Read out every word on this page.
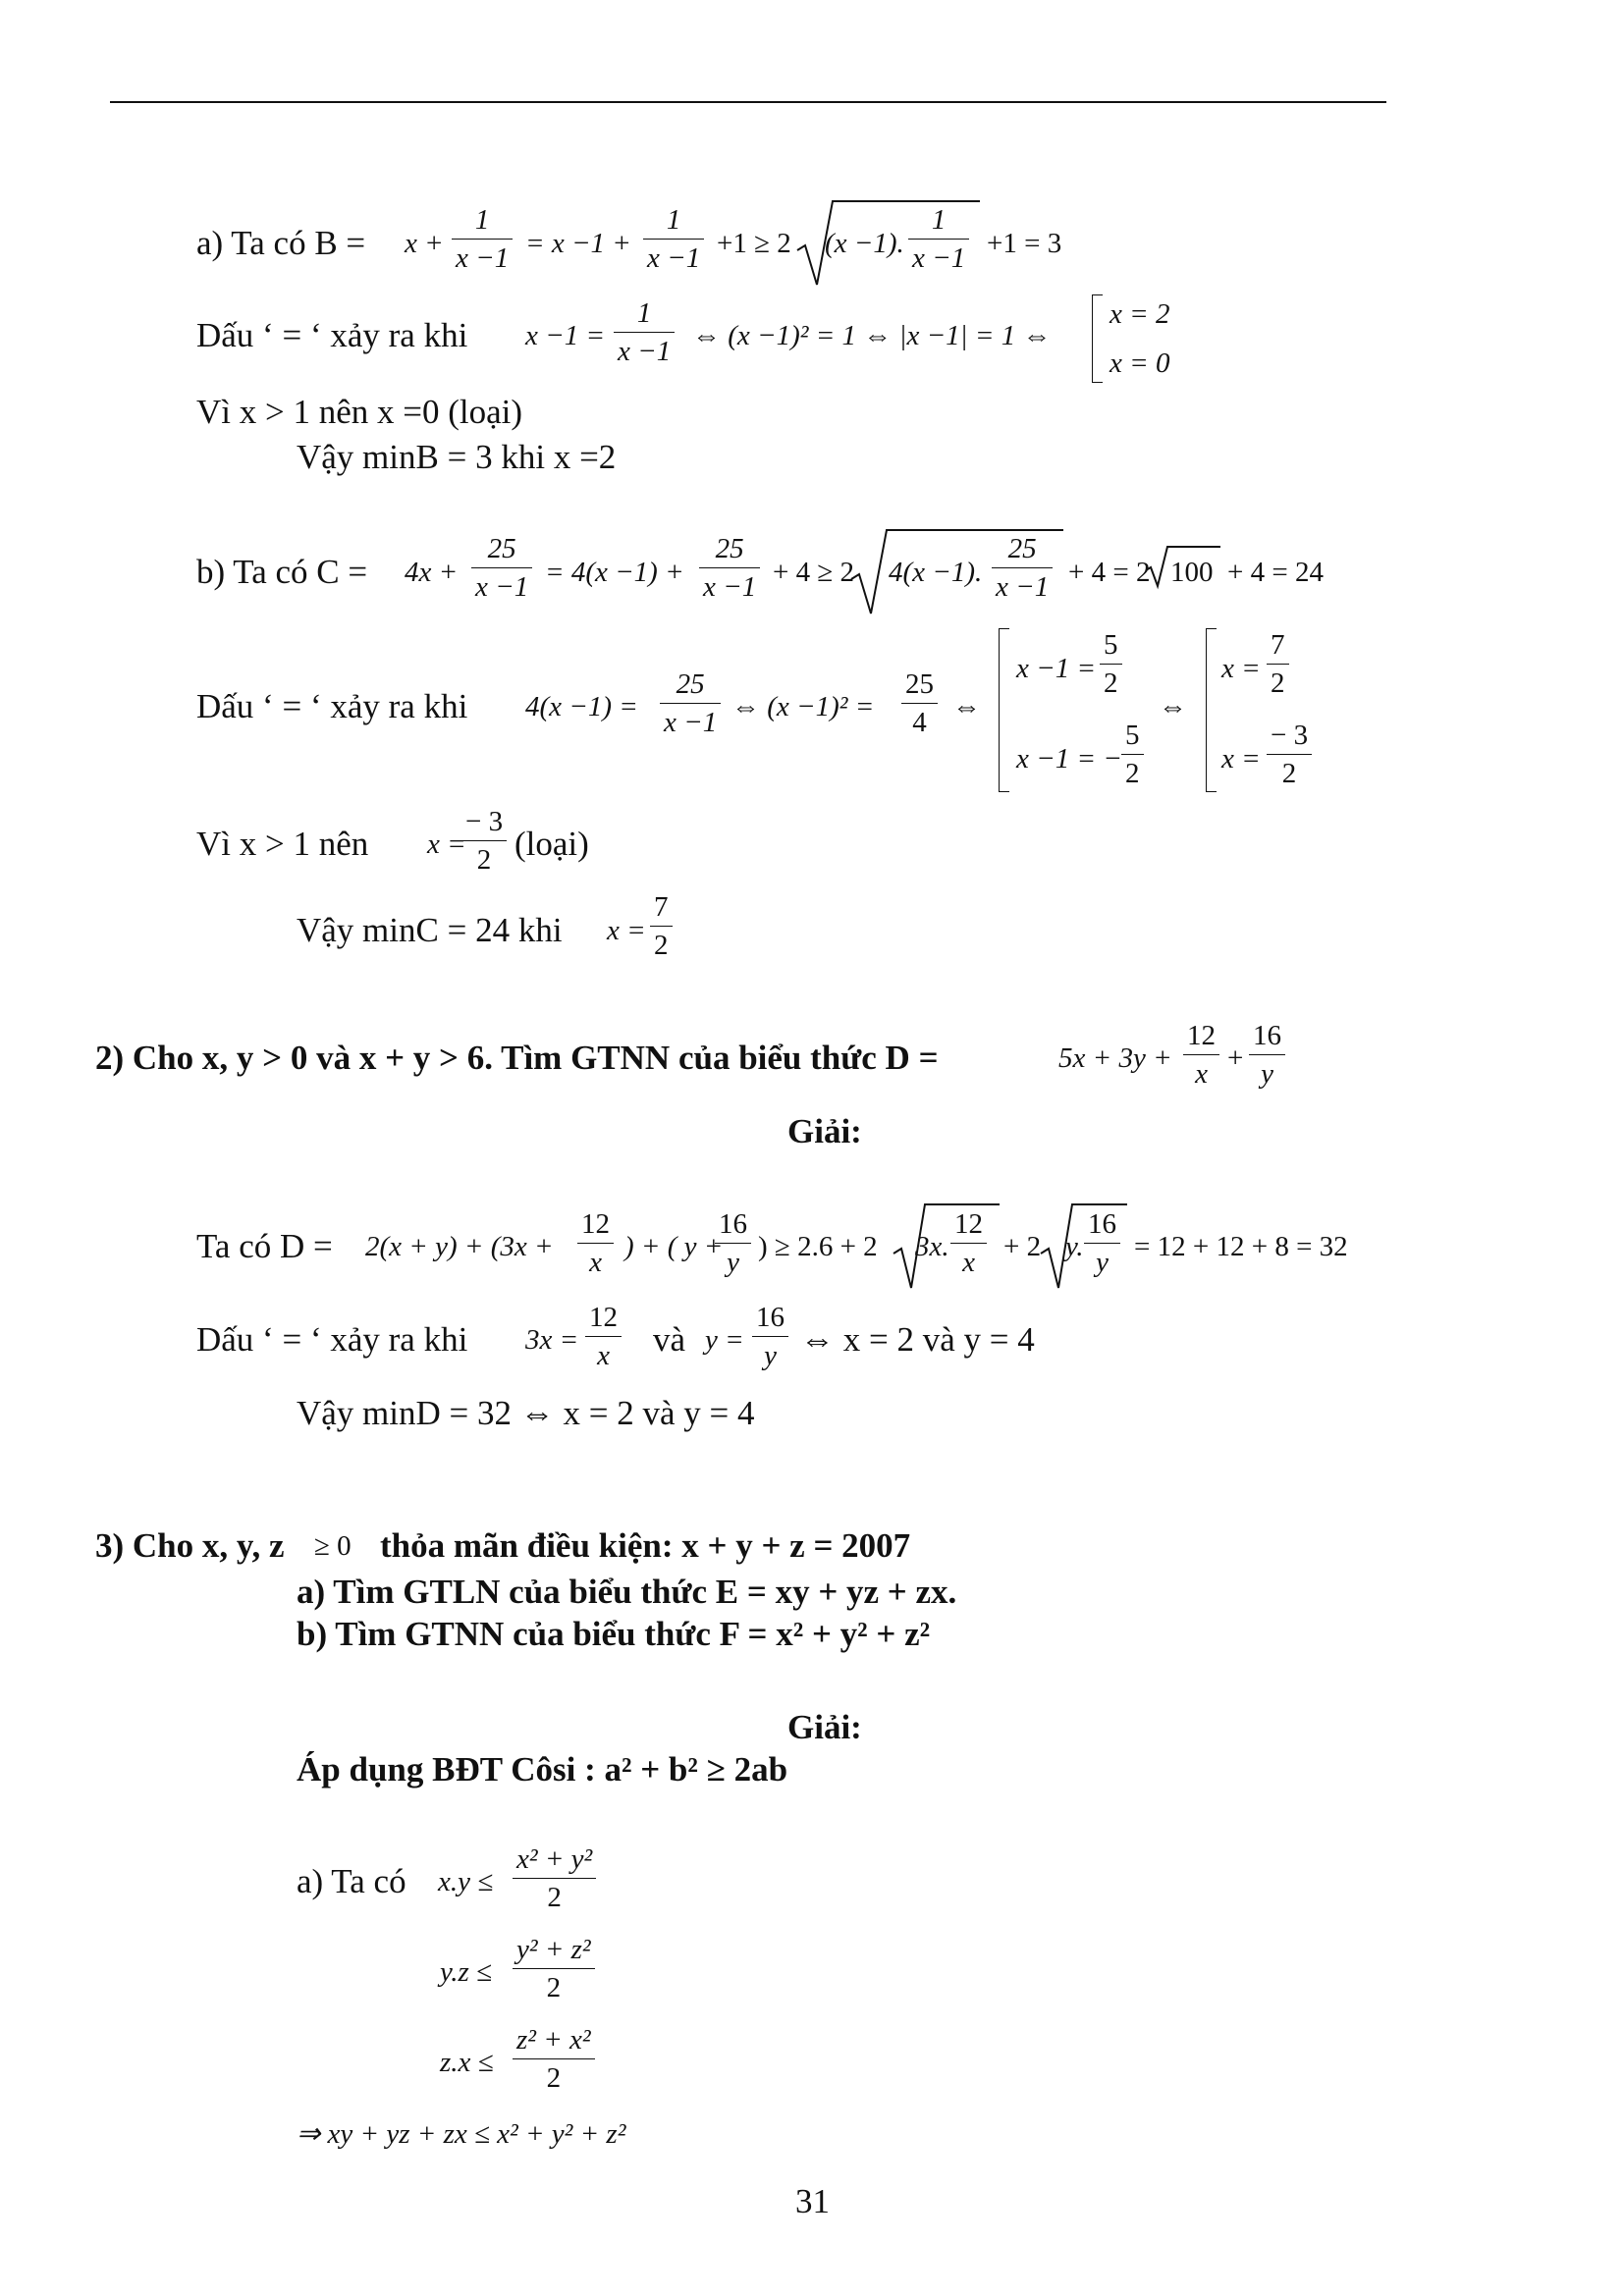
a) Ta có $B = x + \frac{1}{x -1} = x -1 + \frac{1}{x -1} +1 \ge 2$ (x −1). $\frac{1}{x -1} +1 = 3$
Dấu ‘ = ‘ xảy ra khi $x -1 = \frac{1}{x -1}$ ⇔ (x −1)² = 1 ⇔ |x −1| = 1 ⇔
x = 2
x = 0
Vì x > 1 nên x =0 (loại)
Vậy minB = 3 khi x =2
b) Ta có $C = 4x + \frac{25}{x -1} = 4(x -1) + \frac{25}{x -1} + 4 \ge 2$ 4(x −1). $\frac{25}{x -1} + 4 = 2$ 100 + 4 = 24
Dấu ‘ = ‘ xảy ra khi $4(x -1) = \frac{25}{x -1}$ ⇔ $(x -1)^2 = \frac{25}{4}$ ⇔
$x -1 = \frac{5}{2}$
x −1 = − $\frac{5}{2}$
⇔
$x = \frac{7}{2}$
$x = \frac{- 3}{2}$
Vì x > 1 nên x =
$\frac{- 3}{2}$ (loại)
Vậy minC = 24 khi $x = \frac{7}{2}$
2) Cho x, y > 0 và x + y > 6. Tìm GTNN của biểu thức D =	$5x + 3y + \frac{12}{x} + \frac{16}{y}$
Giải:
Ta có $D = 2(x + y) + (3x + \frac{12}{x}$ ) + ( y +
$\frac{16}{y}$ ) ≥ 2.6 + 2 3x. $\frac{12}{x} + 2$ y. $\frac{16}{y} = 12 + 12 + 8 = 32$
Dấu ‘ = ‘ xảy ra khi $3x = \frac{12}{x}$ và $y = \frac{16}{y}$ ⇔ x = 2 và y = 4
Vậy minD = 32 ⇔ x = 2 và y = 4
3) Cho x, y, z ≥ 0 thỏa mãn điều kiện: x + y + z = 2007
a) Tìm GTLN của biểu thức E = xy + yz + zx.
b) Tìm GTNN của biểu thức F = x² + y² + z²
Giải:
Áp dụng BĐT Côsi : a² + b² ≥ 2ab
a) Ta có $x.y \le \frac{\text{x² + y²}}{2}$
$y.z \le \frac{\text{y² + z²}}{2}$
$z.x \le \frac{\text{z² + x²}}{2}$
⇒ xy + yz + zx ≤ x² + y² + z²
31
